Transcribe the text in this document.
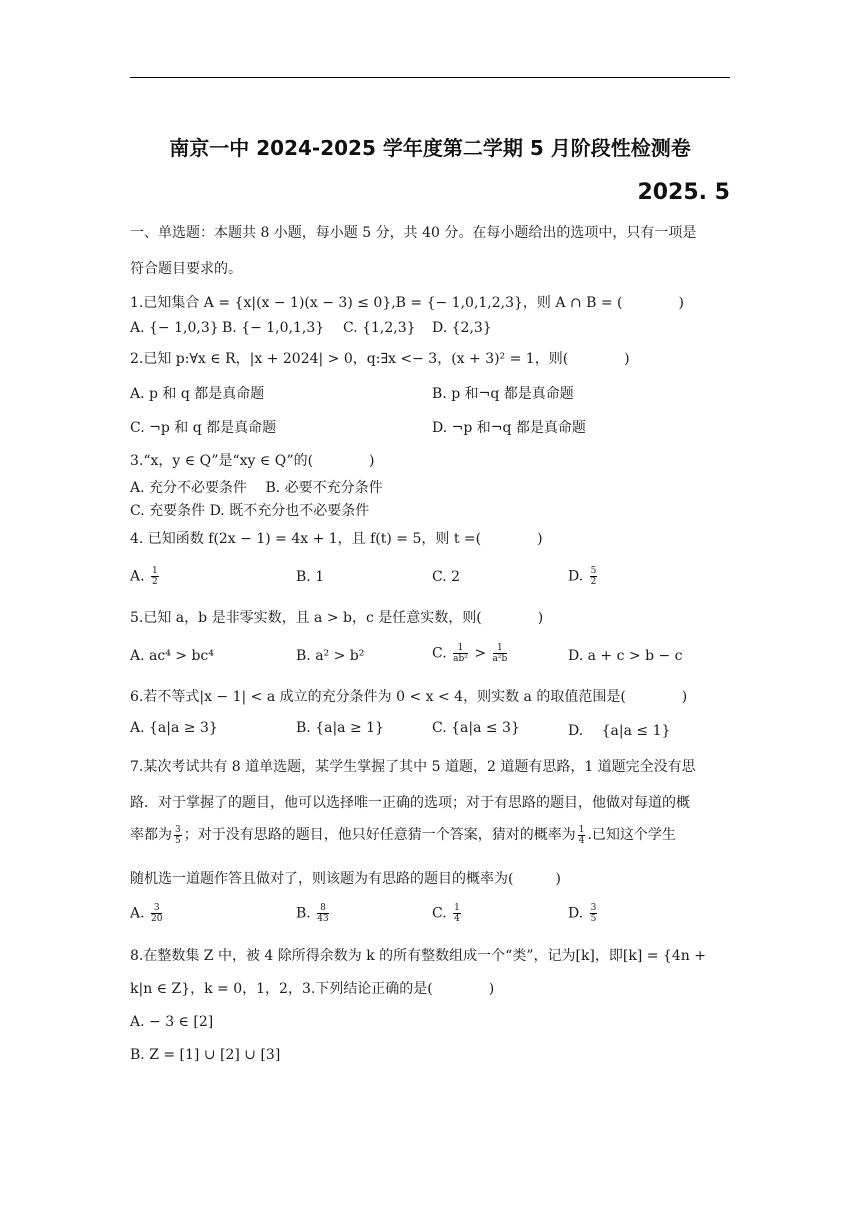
南京一中 2024-2025 学年度第二学期 5 月阶段性检测卷
2025. 5
一、单选题：本题共 8 小题，每小题 5 分，共 40 分。在每小题给出的选项中，只有一项是
符合题目要求的。
1.已知集合 A = {x|(x − 1)(x − 3) ≤ 0},B = {− 1,0,1,2,3}，则 A ∩ B = (　　　　)
A. {− 1,0,3} B. {− 1,0,1,3} C. {1,2,3} D. {2,3}
2.已知 p:∀x ∈ R，|x + 2024| > 0，q:∃x <− 3，(x + 3)² = 1，则(　　　　)
A. p 和 q 都是真命题	B. p 和¬q 都是真命题
C. ¬p 和 q 都是真命题	D. ¬p 和¬q 都是真命题
3.“x，y ∈ Q”是“xy ∈ Q”的(　　　　)
A. 充分不必要条件　 B. 必要不充分条件
C. 充要条件 D. 既不充分也不必要条件
4. 已知函数 f(2x − 1) = 4x + 1，且 f(t) = 5，则 t =(　　　　)
A. $\frac{1}{2}$	B. 1	C. 2	D. $\frac{5}{2}$
5.已知 a，b 是非零实数，且 a > b，c 是任意实数，则(　　　　)
A. ac⁴ > bc⁴	B. a² > b²	C. $\frac{1}{\text{ab²}} > \frac{1}{\text{a²b}}$	D. a + c > b − c
6.若不等式|x − 1| < a 成立的充分条件为 0 < x < 4，则实数 a 的取值范围是(　　　　)
A. {a|a ≥ 3}	B. {a|a ≥ 1}	C. {a|a ≤ 3}	D. 　{a|a ≤ 1}
7.某次考试共有 8 道单选题，某学生掌握了其中 5 道题，2 道题有思路，1 道题完全没有思
路．对于掌握了的题目，他可以选择唯一正确的选项；对于有思路的题目，他做对每道的概
率都为 $\frac{3}{5}$ ；对于没有思路的题目，他只好任意猜一个答案，猜对的概率为 $\frac{1}{4}$ .已知这个学生
随机选一道题作答且做对了，则该题为有思路的题目的概率为(　　　)
A. $\frac{3}{20}$	B. $\frac{8}{43}$	C. $\frac{1}{4}$	D. $\frac{3}{5}$
8.在整数集 Z 中，被 4 除所得余数为 k 的所有整数组成一个“类”，记为[k]，即[k] = {4n +
k|n ∈ Z}，k = 0，1，2，3.下列结论正确的是(　　　　)
A. − 3 ∈ [2]
B. Z = [1] ∪ [2] ∪ [3]
